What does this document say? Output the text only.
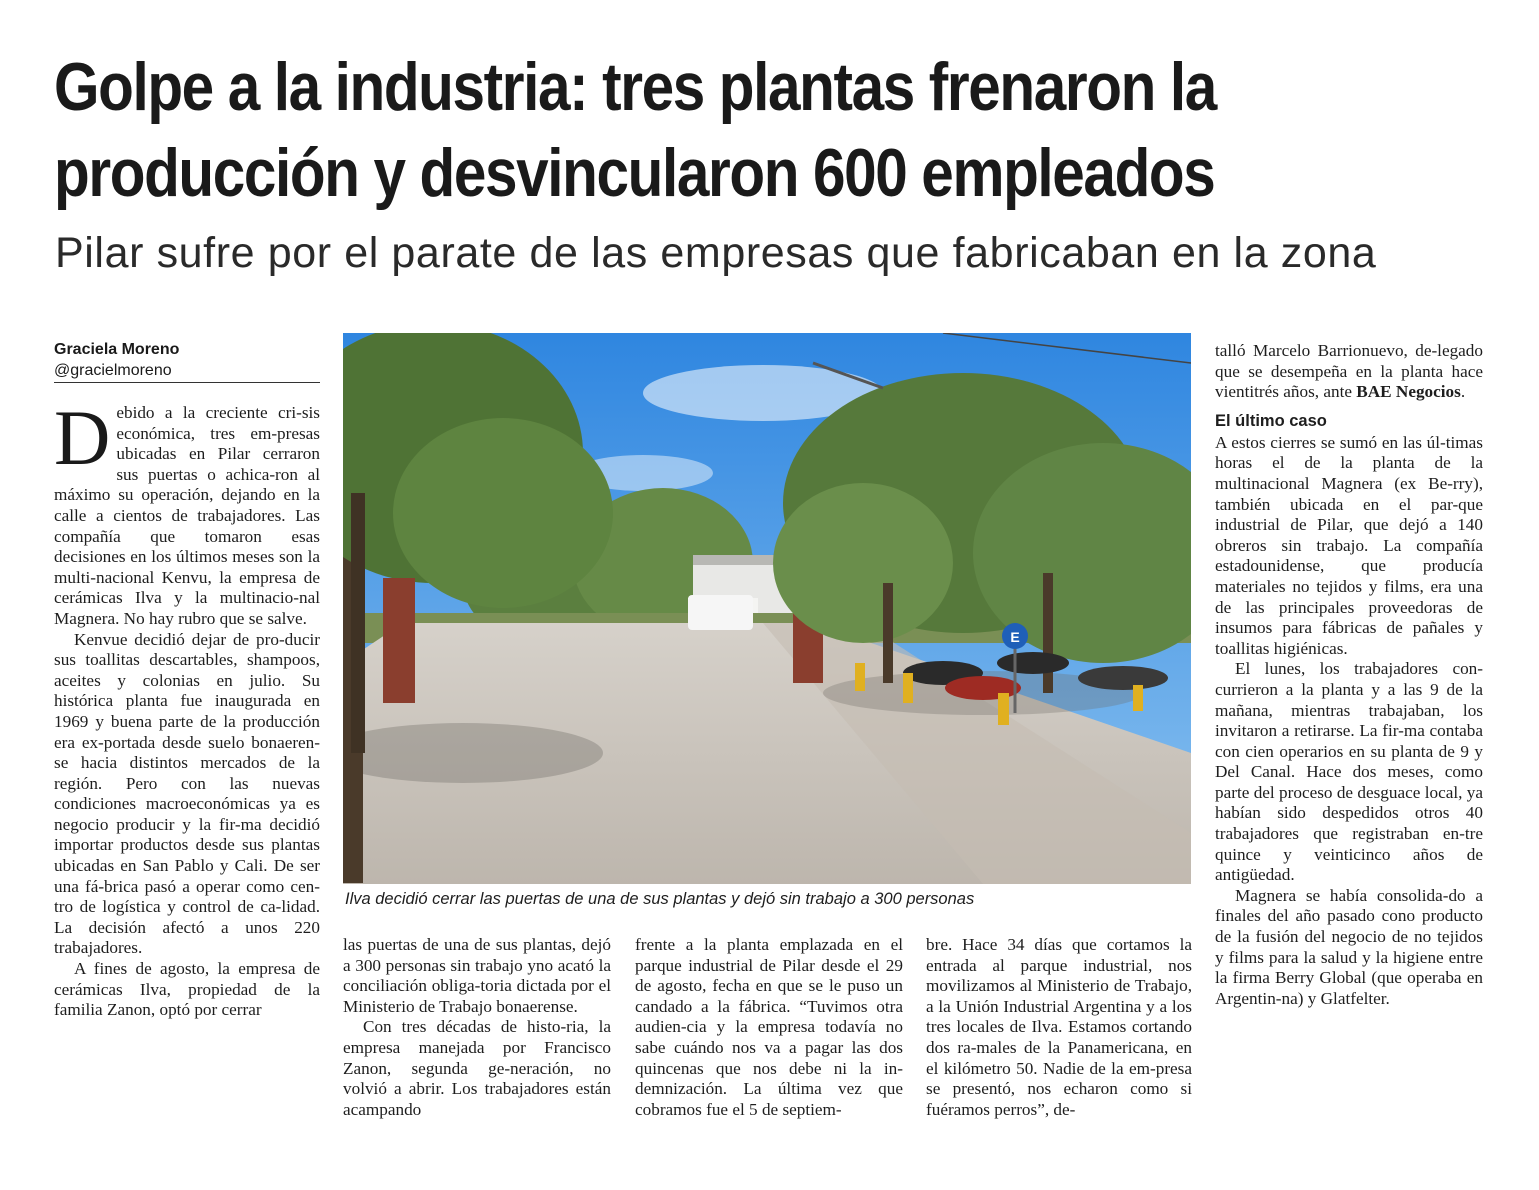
Golpe a la industria: tres plantas frenaron la
producción y desvincularon 600 empleados
Pilar sufre por el parate de las empresas que fabricaban en la zona
Graciela Moreno
@gracielmoreno

Debido a la creciente cri-sis económica, tres em-presas ubicadas en Pilar cerraron sus puertas o achica-ron al máximo su operación, dejando en la calle a cientos de trabajadores. Las compañía que tomaron esas decisiones en los últimos meses son la multi-nacional Kenvu, la empresa de cerámicas Ilva y la multinacio-nal Magnera. No hay rubro que se salve.

Kenvue decidió dejar de pro-ducir sus toallitas descartables, shampoos, aceites y colonias en julio. Su histórica planta fue inaugurada en 1969 y buena parte de la producción era ex-portada desde suelo bonaeren-se hacia distintos mercados de la región. Pero con las nuevas condiciones macroeconómicas ya es negocio producir y la fir-ma decidió importar productos desde sus plantas ubicadas en San Pablo y Cali. De ser una fá-brica pasó a operar como cen-tro de logística y control de ca-lidad. La decisión afectó a unos 220 trabajadores.

A fines de agosto, la empresa de cerámicas Ilva, propiedad de la familia Zanon, optó por cerrar

E
Ilva decidió cerrar las puertas de una de sus plantas y dejó sin trabajo a 300 personas

las puertas de una de sus plantas, dejó a 300 personas sin trabajo yno acató la conciliación obliga-toria dictada por el Ministerio de Trabajo bonaerense.

Con tres décadas de histo-ria, la empresa manejada por Francisco Zanon, segunda ge-neración, no volvió a abrir. Los trabajadores están acampando

frente a la planta emplazada en el parque industrial de Pilar desde el 29 de agosto, fecha en que se le puso un candado a la fábrica. “Tuvimos otra audien-cia y la empresa todavía no sabe cuándo nos va a pagar las dos quincenas que nos debe ni la in-demnización. La última vez que cobramos fue el 5 de septiem-

bre. Hace 34 días que cortamos la entrada al parque industrial, nos movilizamos al Ministerio de Trabajo, a la Unión Industrial Argentina y a los tres locales de Ilva. Estamos cortando dos ra-males de la Panamericana, en el kilómetro 50. Nadie de la em-presa se presentó, nos echaron como si fuéramos perros”, de-

talló Marcelo Barrionuevo, de-legado que se desempeña en la planta hace vientitrés años, ante BAE Negocios.

El último caso

A estos cierres se sumó en las úl-timas horas el de la planta de la multinacional Magnera (ex Be-rry), también ubicada en el par-que industrial de Pilar, que dejó a 140 obreros sin trabajo. La compañía estadounidense, que producía materiales no tejidos y films, era una de las principales proveedoras de insumos para fábricas de pañales y toallitas higiénicas.

El lunes, los trabajadores con-currieron a la planta y a las 9 de la mañana, mientras trabajaban, los invitaron a retirarse. La fir-ma contaba con cien operarios en su planta de 9 y Del Canal. Hace dos meses, como parte del proceso de desguace local, ya habían sido despedidos otros 40 trabajadores que registraban en-tre quince y veinticinco años de antigüedad.

Magnera se había consolida-do a finales del año pasado cono producto de la fusión del negocio de no tejidos y films para la salud y la higiene entre la firma Berry Global (que operaba en Argentin-na) y Glatfelter.
